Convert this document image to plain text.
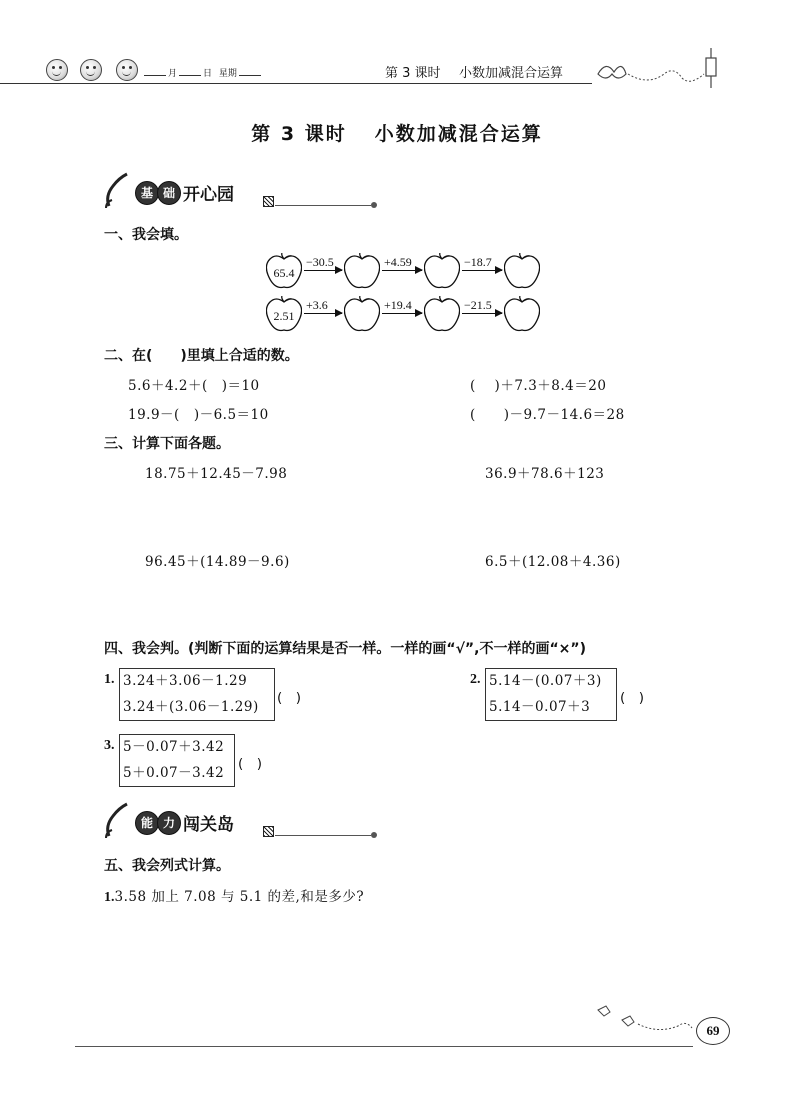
月	日 星期	第 3 课时 小数加减混合运算
第 3 课时 小数加减混合运算
基 础 开心园
一、我会填。
65.4
−30.5	+4.59	−18.7
2.51
+3.6	+19.4	−21.5
二、在(　　)里填上合适的数。
5.6＋4.2＋(　)＝10	(　 )＋7.3＋8.4＝20
19.9－(　)－6.5＝10	(　　)－9.7－14.6＝28
三、计算下面各题。
18.75＋12.45－7.98	36.9＋78.6＋123
96.45＋(14.89－9.6)	6.5＋(12.08＋4.36)
四、我会判。(判断下面的运算结果是否一样。一样的画“√”,不一样的画“×”)
1. 3.24＋3.06－1.29
3.24＋(3.06－1.29)
(　)
2. 5.14－(0.07＋3)
5.14－0.07＋3
(　)
3. 5－0.07＋3.42
5＋0.07－3.42
(　)
能 力 闯关岛
五、我会列式计算。
1.3.58 加上 7.08 与 5.1 的差,和是多少?
69
